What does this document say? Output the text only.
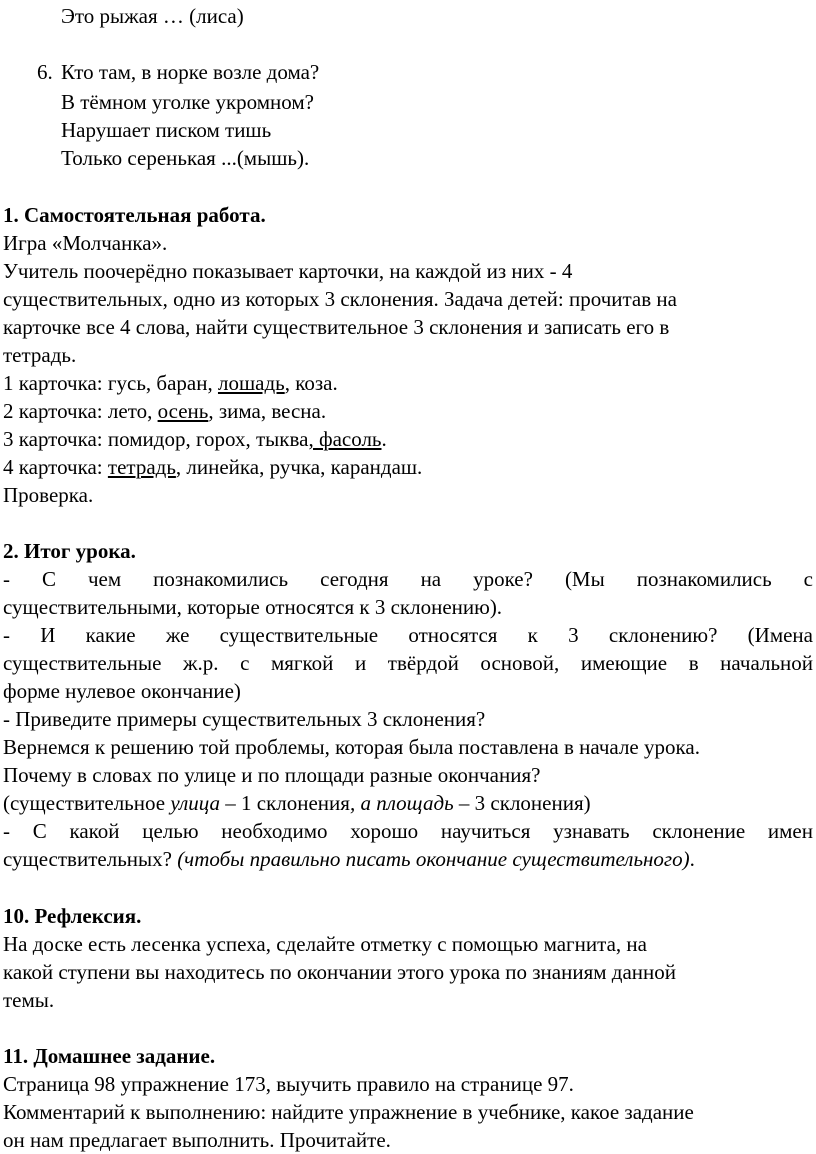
Это рыжая … (лиса)
6. Кто там, в норке возле дома?
В тёмном уголке укромном?
Нарушает писком тишь
Только серенькая ...(мышь).
1. Самостоятельная работа.
Игра «Молчанка».
Учитель поочерёдно показывает карточки, на каждой из них - 4
существительных, одно из которых 3 склонения. Задача детей: прочитав на
карточке все 4 слова, найти существительное 3 склонения и записать его в
тетрадь.
1 карточка: гусь, баран, лошадь, коза.
2 карточка: лето, осень, зима, весна.
3 карточка: помидор, горох, тыква, фасоль.
4 карточка: тетрадь, линейка, ручка, карандаш.
Проверка.
2. Итог урока.
- С чем познакомились сегодня на уроке? (Мы познакомились с
существительными, которые относятся к 3 склонению).
- И какие же существительные относятся к 3 склонению? (Имена
существительные ж.р. с мягкой и твёрдой основой, имеющие в начальной
форме нулевое окончание)
- Приведите примеры существительных 3 склонения?
Вернемся к решению той проблемы, которая была поставлена в начале урока.
Почему в словах по улице и по площади разные окончания?
(существительное улица – 1 склонения, а площадь – 3 склонения)
- С какой целью необходимо хорошо научиться узнавать склонение имен
существительных? (чтобы правильно писать окончание существительного).
10. Рефлексия.
На доске есть лесенка успеха, сделайте отметку с помощью магнита, на
какой ступени вы находитесь по окончании этого урока по знаниям данной
темы.
11. Домашнее задание.
Страница 98 упражнение 173, выучить правило на странице 97.
Комментарий к выполнению: найдите упражнение в учебнике, какое задание
он нам предлагает выполнить. Прочитайте.
